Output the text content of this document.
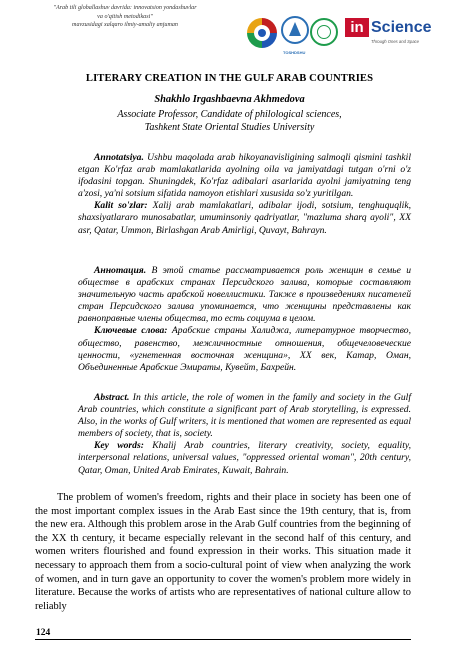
"Arab tili globallashuv davrida: innovatsion yondashuvlar
va o'qitish metodikasi"
mavzusidagi xalqaro ilmiy-amaliy anjuman
TOSHDSHU
in Science
Through Ones and Space
LITERARY CREATION IN THE GULF ARAB COUNTRIES
Shakhlo Irgashbaevna Akhmedova
Associate Professor, Candidate of philological sciences,
Tashkent State Oriental Studies University

Annotatsiya. Ushbu maqolada arab hikoyanavisligining salmoqli qismini tashkil etgan Ko'rfaz arab mamlakatlarida ayolning oila va jamiyatdagi tutgan o'rni o'z ifodasini topgan. Shuningdek, Ko'rfaz adibalari asarlarida ayolni jamiyatning teng a'zosi, ya'ni sotsium sifatida namoyon etishlari xususida so'z yuritilgan.

Kalit so'zlar: Xalij arab mamlakatlari, adibalar ijodi, sotsium, tenghuquqlik, shaxsiyatlararo munosabatlar, umuminsoniy qadriyatlar, "mazluma sharq ayoli", XX asr, Qatar, Ummon, Birlashgan Arab Amirligi, Quvayt, Bahrayn.

Аннотация. В этой статье рассматривается роль женщин в семье и обществе в арабских странах Персидского залива, которые составляют значительную часть арабской новеллистики. Также в произведениях писателей стран Персидского залива упоминается, что женщины представлены как равноправные члены общества, то есть социума в целом.

Ключевые слова: Арабские страны Халиджа, литературное творчество, общество, равенство, межличностные отношения, общечеловеческие ценности, «угнетенная восточная женщина», XX век, Катар, Оман, Объединенные Арабские Эмираты, Кувейт, Бахрейн.

Abstract. In this article, the role of women in the family and society in the Gulf Arab countries, which constitute a significant part of Arab storytelling, is expressed. Also, in the works of Gulf writers, it is mentioned that women are represented as equal members of society, that is, society.

Key words: Khalij Arab countries, literary creativity, society, equality, interpersonal relations, universal values, "oppressed oriental woman", 20th century, Qatar, Oman, United Arab Emirates, Kuwait, Bahrain.

The problem of women's freedom, rights and their place in society has been one of the most important complex issues in the Arab East since the 19th century, that is, from the new era. Although this problem arose in the Arab Gulf countries from the beginning of the XX th century, it became especially relevant in the second half of this century, and women writers flourished and found expression in their works. This situation made it necessary to approach them from a socio-cultural point of view when analyzing the work of women, and in turn gave an opportunity to cover the women's problem more widely in literature. Because the works of artists who are representatives of national culture allow to reliably
124
